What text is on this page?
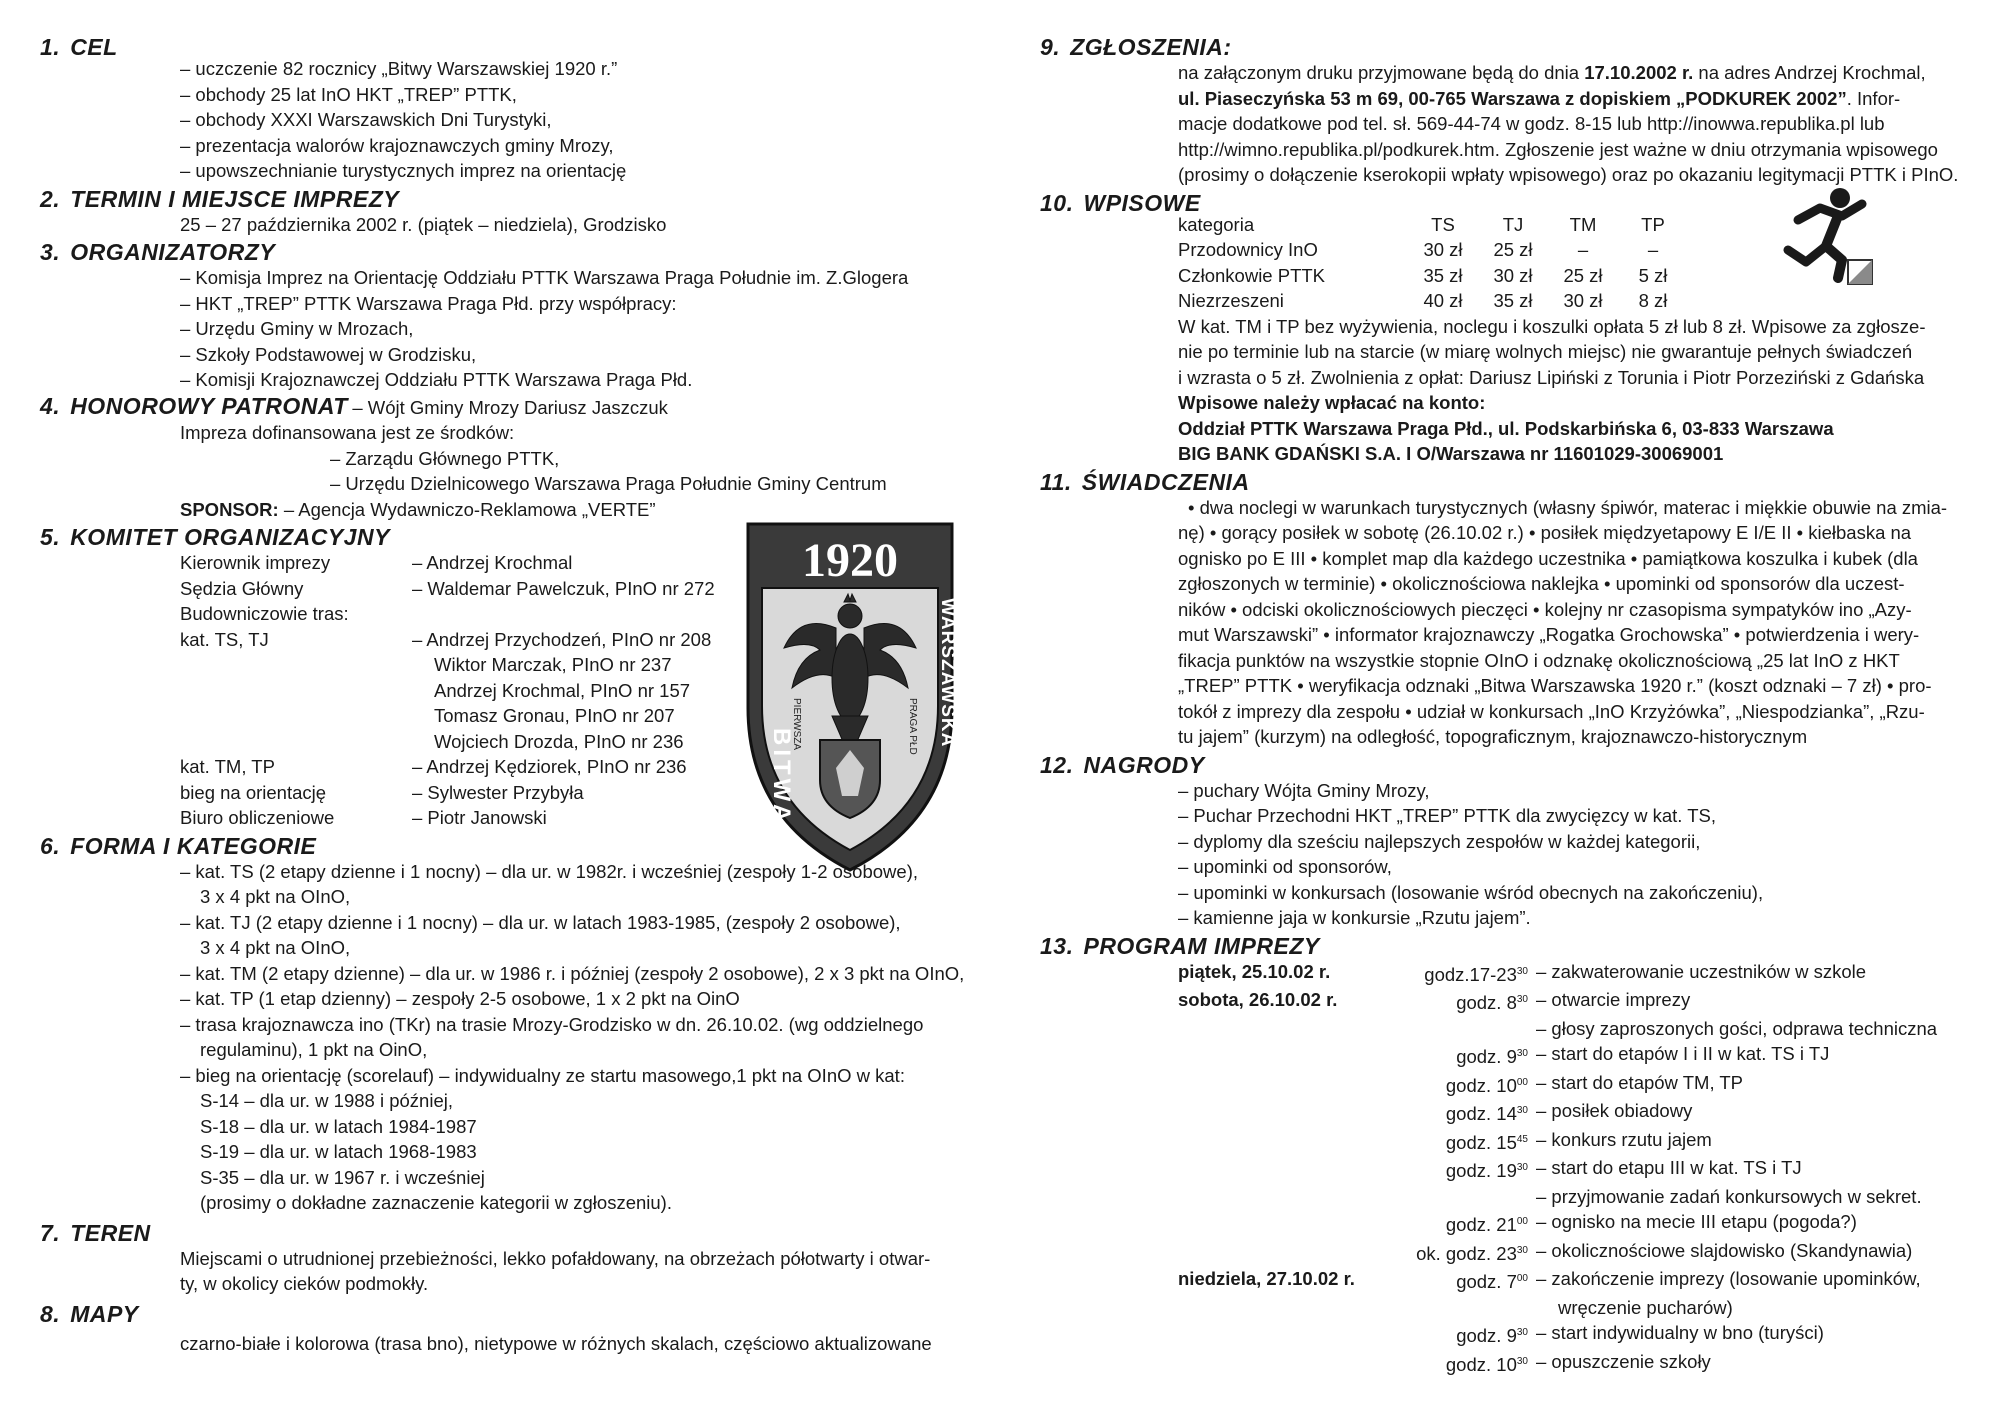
1. CEL
– uczczenie 82 rocznicy „Bitwy Warszawskiej 1920 r.”
– obchody 25 lat InO HKT „TREP” PTTK,
– obchody XXXI Warszawskich Dni Turystyki,
– prezentacja walorów krajoznawczych gminy Mrozy,
– upowszechnianie turystycznych imprez na orientację
2. TERMIN I MIEJSCE IMPREZY
25 – 27 października 2002 r. (piątek – niedziela), Grodzisko
3. ORGANIZATORZY
– Komisja Imprez na Orientację Oddziału PTTK Warszawa Praga Południe im. Z.Glogera
– HKT „TREP” PTTK Warszawa Praga Płd. przy współpracy:
– Urzędu Gminy w Mrozach,
– Szkoły Podstawowej w Grodzisku,
– Komisji Krajoznawczej Oddziału PTTK Warszawa Praga Płd.
4. HONOROWY PATRONAT – Wójt Gminy Mrozy Dariusz Jaszczuk
Impreza dofinansowana jest ze środków:
– Zarządu Głównego PTTK,
– Urzędu Dzielnicowego Warszawa Praga Południe Gminy Centrum
SPONSOR: – Agencja Wydawniczo-Reklamowa „VERTE”
5. KOMITET ORGANIZACYJNY
Kierownik imprezy	– Andrzej Krochmal
Sędzia Główny	– Waldemar Pawelczuk, PInO nr 272
Budowniczowie tras:
kat. TS, TJ	– Andrzej Przychodzeń, PInO nr 208
Wiktor Marczak, PInO nr 237
Andrzej Krochmal, PInO nr 157
Tomasz Gronau, PInO nr 207
Wojciech Drozda, PInO nr 236
kat. TM, TP	– Andrzej Kędziorek, PInO nr 236
bieg na orientację	– Sylwester Przybyła
Biuro obliczeniowe	– Piotr Janowski
6. FORMA I KATEGORIE
– kat. TS (2 etapy dzienne i 1 nocny) – dla ur. w 1982r. i wcześniej (zespoły 1-2 osobowe),
3 x 4 pkt na OInO,
– kat. TJ (2 etapy dzienne i 1 nocny) – dla ur. w latach 1983-1985, (zespoły 2 osobowe),
3 x 4 pkt na OInO,
– kat. TM (2 etapy dzienne) – dla ur. w 1986 r. i później (zespoły 2 osobowe), 2 x 3 pkt na OInO,
– kat. TP (1 etap dzienny) – zespoły 2-5 osobowe, 1 x 2 pkt na OinO
– trasa krajoznawcza ino (TKr) na trasie Mrozy-Grodzisko w dn. 26.10.02. (wg oddzielnego
regulaminu), 1 pkt na OinO,
– bieg na orientację (scorelauf) – indywidualny ze startu masowego,1 pkt na OInO w kat:
S-14 – dla ur. w 1988 i później,
S-18 – dla ur. w latach 1984-1987
S-19 – dla ur. w latach 1968-1983
S-35 – dla ur. w 1967 r. i wcześniej
(prosimy o dokładne zaznaczenie kategorii w zgłoszeniu).
7. TEREN
Miejscami o utrudnionej przebieżności, lekko pofałdowany, na obrzeżach półotwarty i otwar-
ty, w okolicy cieków podmokły.
8. MAPY
czarno-białe i kolorowa (trasa bno), nietypowe w różnych skalach, częściowo aktualizowane
1920
BITWA
WARSZAWSKA
PIERWSZA	PRAGA PŁD
9. ZGŁOSZENIA:
na załączonym druku przyjmowane będą do dnia 17.10.2002 r. na adres Andrzej Krochmal,
ul. Piaseczyńska 53 m 69, 00-765 Warszawa z dopiskiem „PODKUREK 2002”. Infor-
macje dodatkowe pod tel. sł. 569-44-74 w godz. 8-15 lub http://inowwa.republika.pl lub
http://wimno.republika.pl/podkurek.htm. Zgłoszenie jest ważne w dniu otrzymania wpisowego
(prosimy o dołączenie kserokopii wpłaty wpisowego) oraz po okazaniu legitymacji PTTK i PInO.
10. WPISOWE
kategoria	TS	TJ	TM	TP
Przodownicy InO	30 zł	25 zł	–	–
Członkowie PTTK	35 zł	30 zł	25 zł	5 zł
Niezrzeszeni	40 zł	35 zł	30 zł	8 zł
W kat. TM i TP bez wyżywienia, noclegu i koszulki opłata 5 zł lub 8 zł. Wpisowe za zgłosze-
nie po terminie lub na starcie (w miarę wolnych miejsc) nie gwarantuje pełnych świadczeń
i wzrasta o 5 zł. Zwolnienia z opłat: Dariusz Lipiński z Torunia i Piotr Porzeziński z Gdańska
Wpisowe należy wpłacać na konto:
Oddział PTTK Warszawa Praga Płd., ul. Podskarbińska 6, 03-833 Warszawa
BIG BANK GDAŃSKI S.A. I O/Warszawa nr 11601029-30069001
11. ŚWIADCZENIA
• dwa noclegi w warunkach turystycznych (własny śpiwór, materac i miękkie obuwie na zmia-
nę) • gorący posiłek w sobotę (26.10.02 r.) • posiłek międzyetapowy E I/E II • kiełbaska na
ognisko po E III • komplet map dla każdego uczestnika • pamiątkowa koszulka i kubek (dla
zgłoszonych w terminie) • okolicznościowa naklejka • upominki od sponsorów dla uczest-
ników • odciski okolicznościowych pieczęci • kolejny nr czasopisma sympatyków ino „Azy-
mut Warszawski” • informator krajoznawczy „Rogatka Grochowska” • potwierdzenia i wery-
fikacja punktów na wszystkie stopnie OInO i odznakę okolicznościową „25 lat InO z HKT
„TREP” PTTK • weryfikacja odznaki „Bitwa Warszawska 1920 r.” (koszt odznaki – 7 zł) • pro-
tokół z imprezy dla zespołu • udział w konkursach „InO Krzyżówka”, „Niespodzianka”, „Rzu-
tu jajem” (kurzym) na odległość, topograficznym, krajoznawczo-historycznym
12. NAGRODY
– puchary Wójta Gminy Mrozy,
– Puchar Przechodni HKT „TREP” PTTK dla zwycięzcy w kat. TS,
– dyplomy dla sześciu najlepszych zespołów w każdej kategorii,
– upominki od sponsorów,
– upominki w konkursach (losowanie wśród obecnych na zakończeniu),
– kamienne jaja w konkursie „Rzutu jajem”.
13. PROGRAM IMPREZY
piątek, 25.10.02 r.	$godz.17-23^{30}$ – zakwaterowanie uczestników w szkole
sobota, 26.10.02 r.	godz. $8^{30}$ – otwarcie imprezy
– głosy zaproszonych gości, odprawa techniczna
godz. $9^{30}$ – start do etapów I i II w kat. TS i TJ
godz. $10^{00}$ – start do etapów TM, TP
godz. $14^{30}$ – posiłek obiadowy
godz. $15^{45}$ – konkurs rzutu jajem
godz. $19^{30}$ – start do etapu III w kat. TS i TJ
– przyjmowanie zadań konkursowych w sekret.
godz. $21^{00}$ – ognisko na mecie III etapu (pogoda?)
ok. godz. $23^{30}$ – okolicznościowe slajdowisko (Skandynawia)
niedziela, 27.10.02 r.	godz. $7^{00}$ – zakończenie imprezy (losowanie upominków,
wręczenie pucharów)
godz. $9^{30}$ – start indywidualny w bno (turyści)
godz. $10^{30}$ – opuszczenie szkoły
